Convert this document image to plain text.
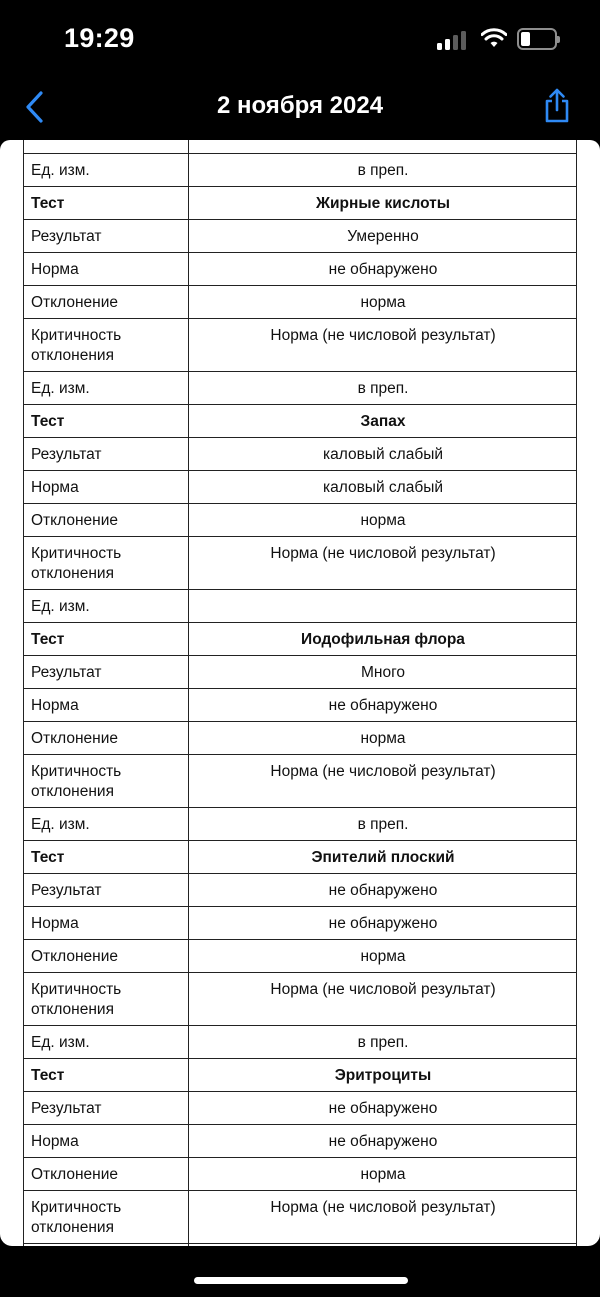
19:29
2 ноября 2024

Ед. изм.	в преп.
Тест	Жирные кислоты
Результат	Умеренно
Норма	не обнаружено
Отклонение	норма
Критичность отклонения	Норма (не числовой результат)
Ед. изм.	в преп.
Тест	Запах
Результат	каловый слабый
Норма	каловый слабый
Отклонение	норма
Критичность отклонения	Норма (не числовой результат)
Ед. изм.	
Тест	Иодофильная флора
Результат	Много
Норма	не обнаружено
Отклонение	норма
Критичность отклонения	Норма (не числовой результат)
Ед. изм.	в преп.
Тест	Эпителий плоский
Результат	не обнаружено
Норма	не обнаружено
Отклонение	норма
Критичность отклонения	Норма (не числовой результат)
Ед. изм.	в преп.
Тест	Эритроциты
Результат	не обнаружено
Норма	не обнаружено
Отклонение	норма
Критичность отклонения	Норма (не числовой результат)
